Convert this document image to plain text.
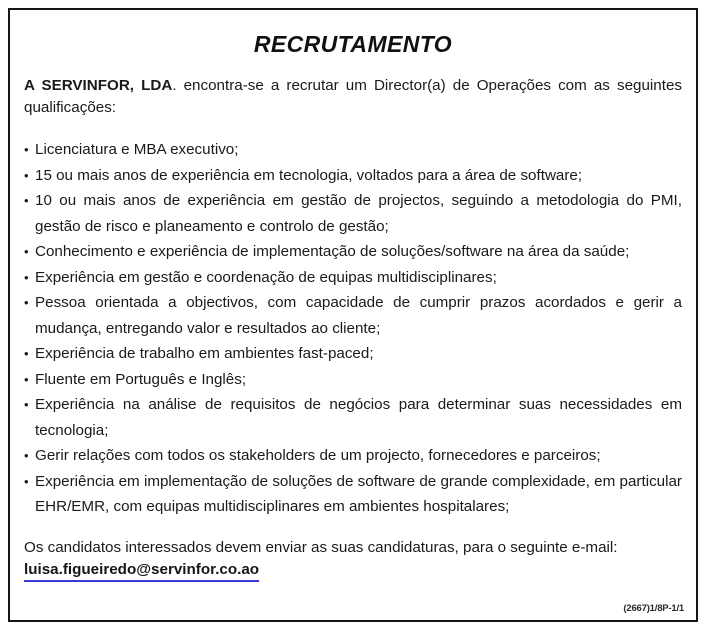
RECRUTAMENTO

A SERVINFOR, LDA. encontra-se a recrutar um Director(a) de Operações com as seguintes qualificações:

• Licenciatura e MBA executivo;
• 15 ou mais anos de experiência em tecnologia, voltados para a área de software;
• 10 ou mais anos de experiência em gestão de projectos, seguindo a metodologia do PMI, gestão de risco e planeamento e controlo de gestão;
• Conhecimento e experiência de implementação de soluções/software na área da saúde;
• Experiência em gestão e coordenação de equipas multidisciplinares;
• Pessoa orientada a objectivos, com capacidade de cumprir prazos acordados e gerir a mudança, entregando valor e resultados ao cliente;
• Experiência de trabalho em ambientes fast-paced;
• Fluente em Português e Inglês;
• Experiência na análise de requisitos de negócios para determinar suas necessidades em tecnologia;
• Gerir relações com todos os stakeholders de um projecto, fornecedores e parceiros;
• Experiência em implementação de soluções de software de grande complexidade, em particular EHR/EMR, com equipas multidisciplinares em ambientes hospitalares;

Os candidatos interessados devem enviar as suas candidaturas, para o seguinte e-mail:

luisa.figueiredo@servinfor.co.ao
(2667)1/8P-1/1
